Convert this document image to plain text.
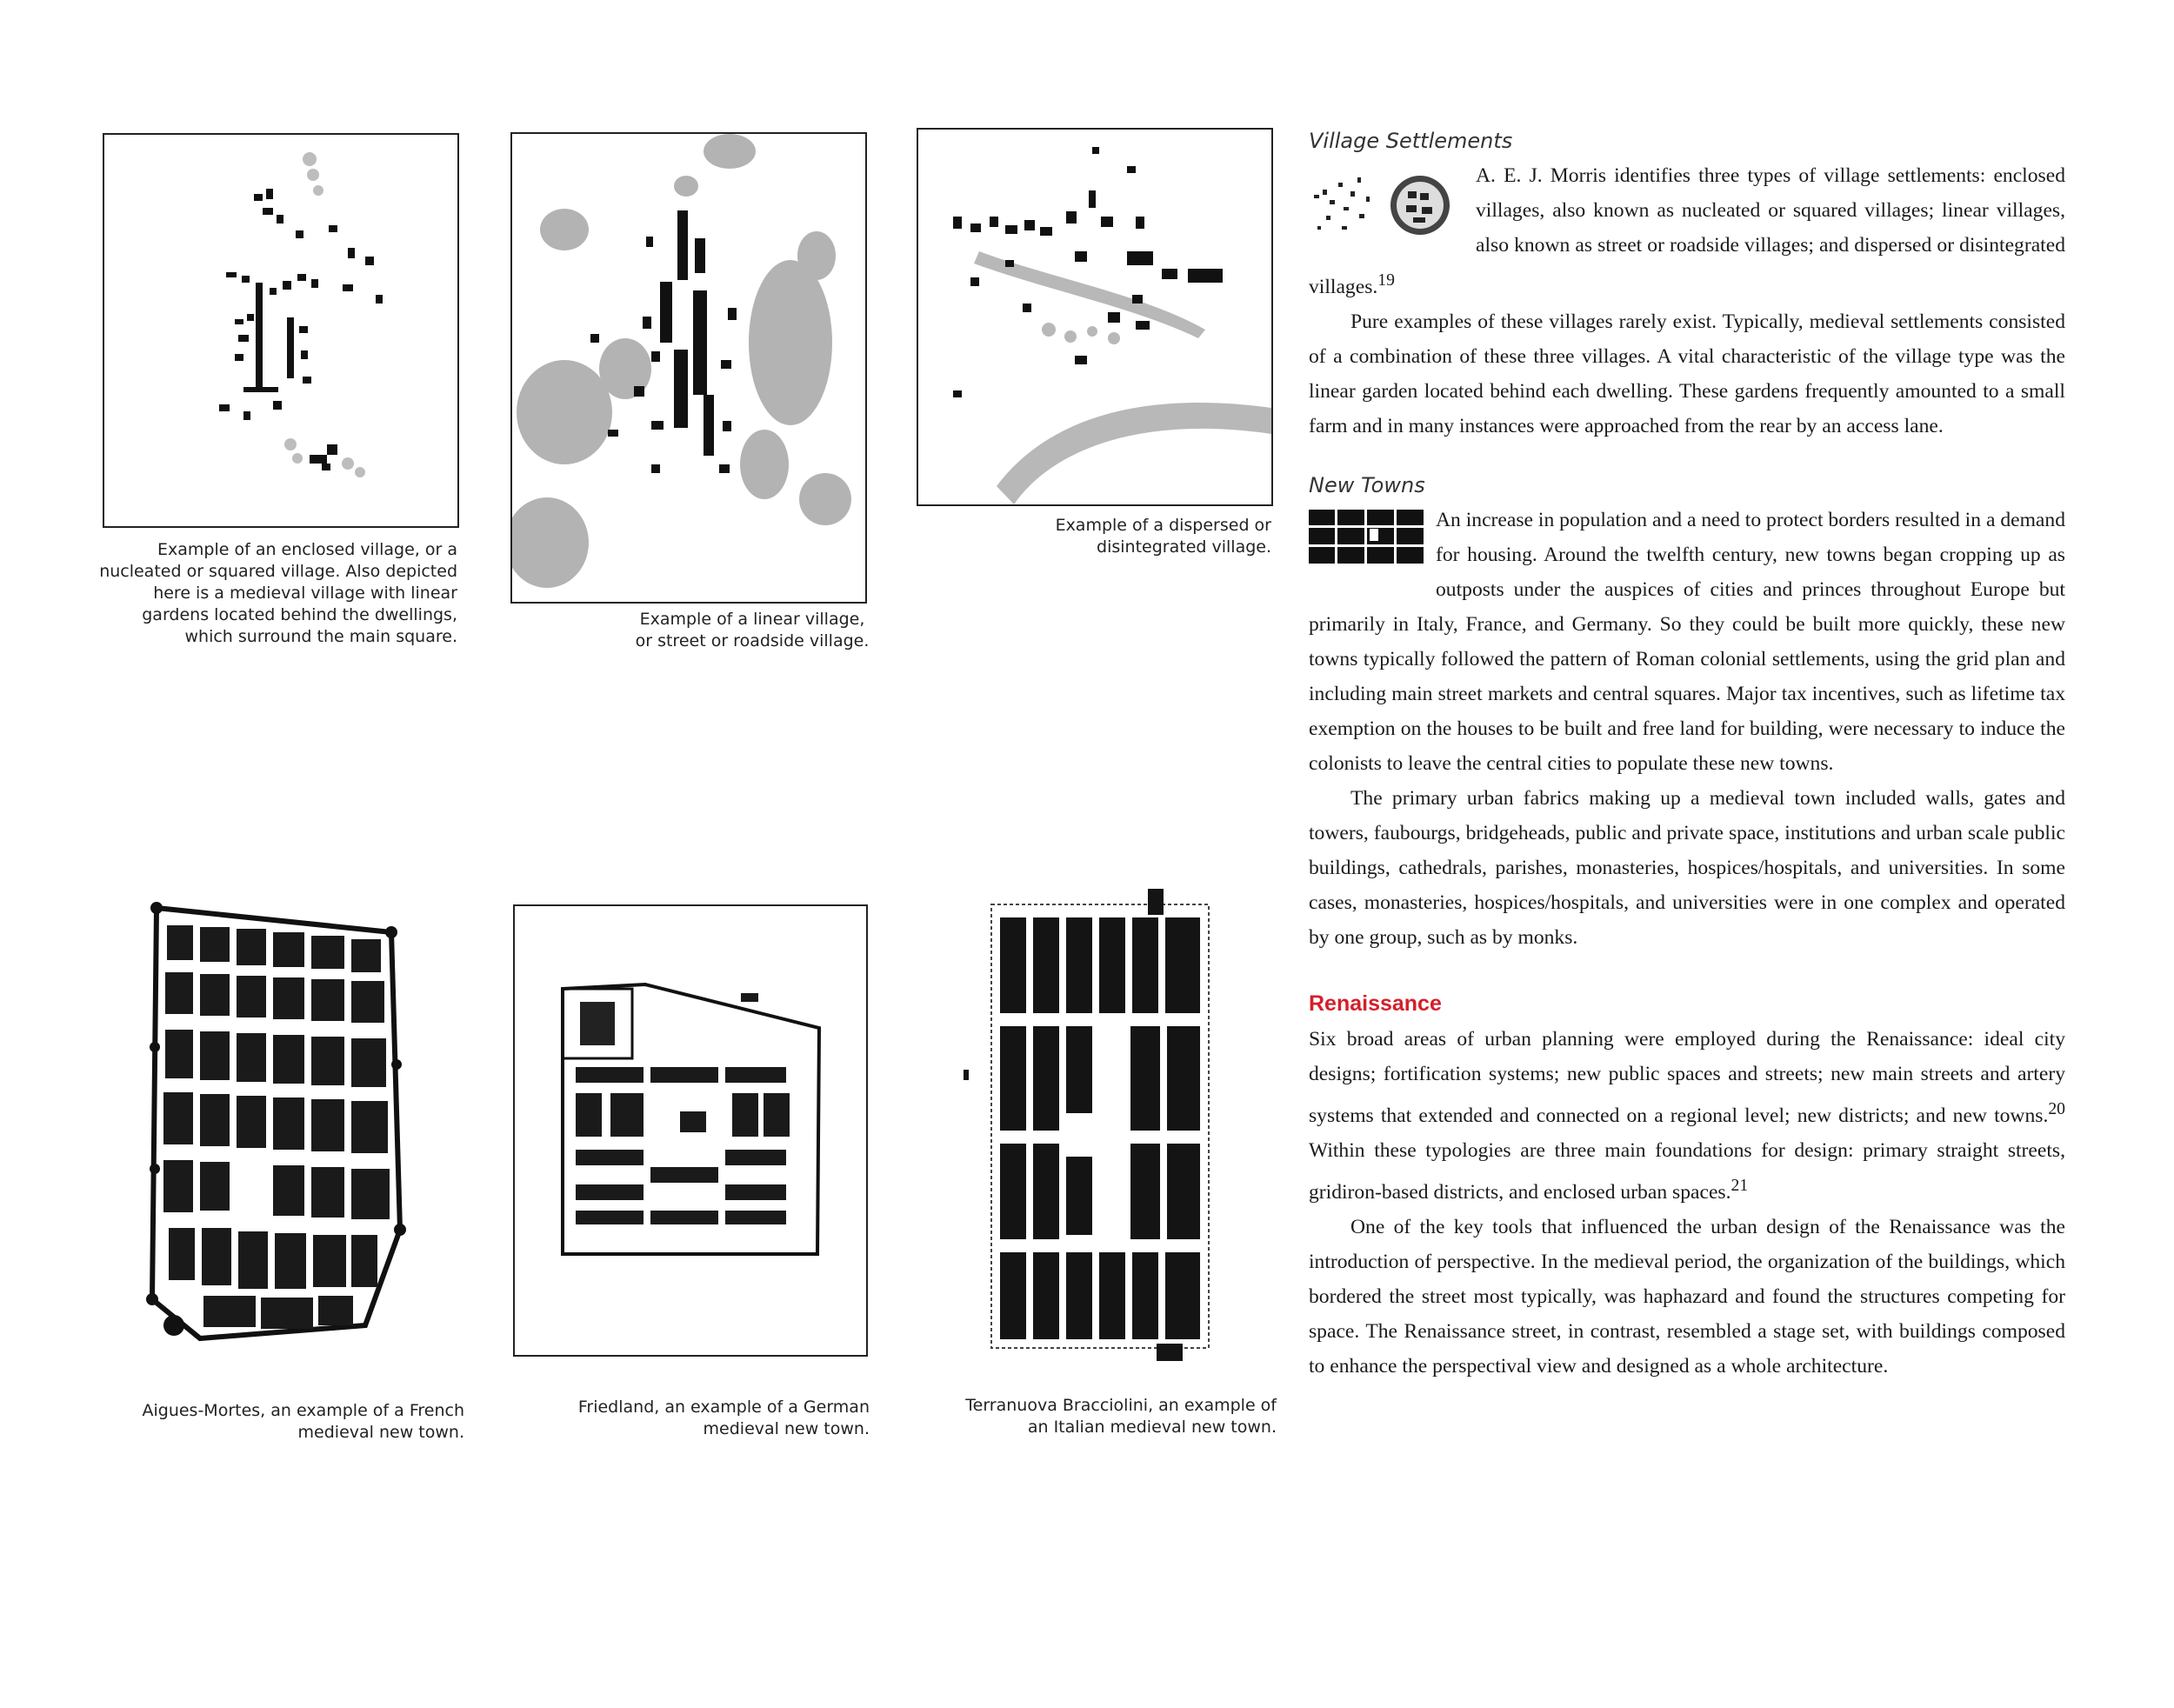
Example of an enclosed village, or a nucleated or squared village. Also depicted here is a medieval village with linear gardens located behind the dwellings, which surround the main square.
Example of a linear village, or street or roadside village.
Example of a dispersed or disintegrated village.
Aigues-Mortes, an example of a French medieval new town.
Friedland, an example of a German medieval new town.
Terranuova Bracciolini, an example of an Italian medieval new town.
Village Settlements

A. E. J. Morris identifies three types of village settlements: enclosed villages, also known as nucleated or squared villages; linear villages, also known as street or roadside villages; and dispersed or disintegrated villages.$^{19}$

Pure examples of these villages rarely exist. Typically, medieval settlements consisted of a combination of these three villages. A vital characteristic of the village type was the linear garden located behind each dwelling. These gardens frequently amounted to a small farm and in many instances were approached from the rear by an access lane.

New Towns

An increase in population and a need to protect borders resulted in a demand for housing. Around the twelfth century, new towns began cropping up as outposts under the auspices of cities and princes throughout Europe but primarily in Italy, France, and Germany. So they could be built more quickly, these new towns typically followed the pattern of Roman colonial settlements, using the grid plan and including main street markets and central squares. Major tax incentives, such as lifetime tax exemption on the houses to be built and free land for building, were necessary to induce the colonists to leave the central cities to populate these new towns.

The primary urban fabrics making up a medieval town included walls, gates and towers, faubourgs, bridgeheads, public and private space, institutions and urban scale public buildings, cathedrals, parishes, monasteries, hospices/hospitals, and universities. In some cases, monasteries, hospices/hospitals, and universities were in one complex and operated by one group, such as by monks.

Renaissance

Six broad areas of urban planning were employed during the Renaissance: ideal city designs; fortification systems; new public spaces and streets; new main streets and artery systems that extended and connected on a regional level; new districts; and new towns.$^{20}$ Within these typologies are three main foundations for design: primary straight streets, gridiron-based districts, and enclosed urban spaces.$^{21}$

One of the key tools that influenced the urban design of the Renaissance was the introduction of perspective. In the medieval period, the organization of the buildings, which bordered the street most typically, was haphazard and found the structures competing for space. The Renaissance street, in contrast, resembled a stage set, with buildings composed to enhance the perspectival view and designed as a whole architecture.
